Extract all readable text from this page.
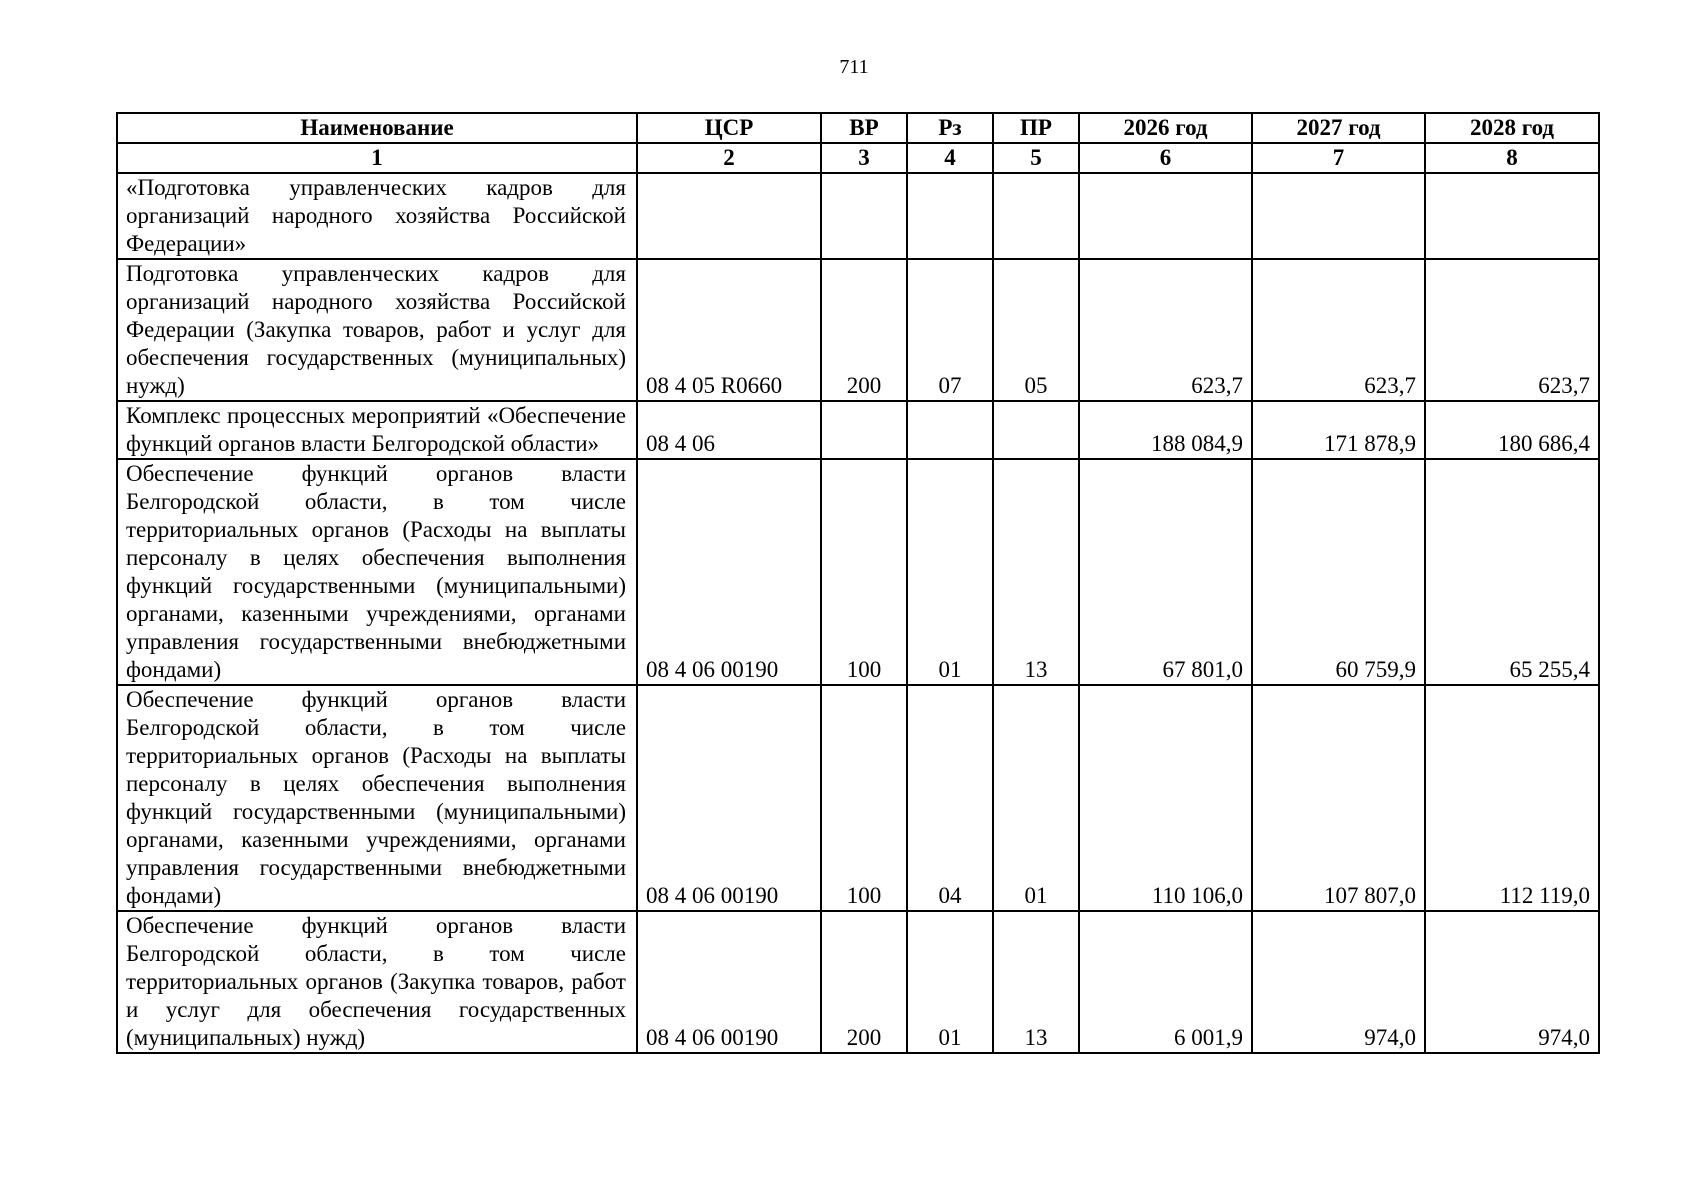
711
Наименование	ЦСР	ВР	Рз	ПР	2026 год	2027 год	2028 год
1	2	3	4	5	6	7	8
«Подготовка управленческих кадров для организаций народного хозяйства Российской Федерации»							
Подготовка управленческих кадров для организаций народного хозяйства Российской Федерации (Закупка товаров, работ и услуг для обеспечения государственных (муниципальных) нужд)	08 4 05 R0660	200	07	05	623,7	623,7	623,7
Комплекс процессных мероприятий «Обеспечение функций органов власти Белгородской области»	08 4 06				188 084,9	171 878,9	180 686,4
Обеспечение функций органов власти Белгородской области, в том числе территориальных органов (Расходы на выплаты персоналу в целях обеспечения выполнения функций государственными (муниципальными) органами, казенными учреждениями, органами управления государственными внебюджетными фондами)	08 4 06 00190	100	01	13	67 801,0	60 759,9	65 255,4
Обеспечение функций органов власти Белгородской области, в том числе территориальных органов (Расходы на выплаты персоналу в целях обеспечения выполнения функций государственными (муниципальными) органами, казенными учреждениями, органами управления государственными внебюджетными фондами)	08 4 06 00190	100	04	01	110 106,0	107 807,0	112 119,0
Обеспечение функций органов власти Белгородской области, в том числе территориальных органов (Закупка товаров, работ и услуг для обеспечения государственных (муниципальных) нужд)	08 4 06 00190	200	01	13	6 001,9	974,0	974,0
